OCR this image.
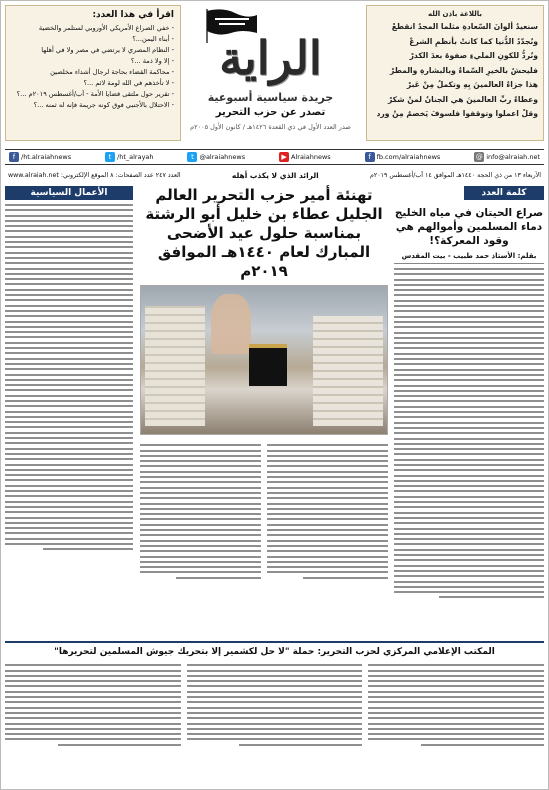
باللاغة باذن الله
سنعيدُ ألوانَ السّعادةِ مثلما المجدُ انقطعْ
ونُجدّدُ الدُّنيا كما كانتْ بأنظمِ الشرعْ
ونُردُّ للكونِ المليءِ صفوهُ بعدَ الكدرْ
فليحشُ بالخيرِ السّماءُ وبالبشارةِ والمطرْ
هذا جزاءُ العالمينَ بِهِ وتكملُ مِنْ عَبرْ
وعطاءُ ربِّ العالمينَ هي الجنانُ لمنْ شكرْ
وقلْ اعملوا وتوقفوا فلسوفَ يَخصمُ مِنْ ورد
الراية
جريدة سياسية أسبوعية
تصدر عن حزب التحرير
صدر العدد الأول في ذي القعدة ١٤٢٦هـ / كانون الأول ٢٠٠٥م
اقرأ في هذا العدد:
- خفي الصراع الأمريكي الأوروبي لستلمر والخضية
- أبناء اليمن...؟
- النظام المصري لا يرتضي في مصر ولا في أهلها
- إلا ولا ذمة ...؟
- محاكمة القضاء بحاجة لرجال أشداء مخلصين
- لا تأخذهم في الله لومة لائم ...؟
- تقرير حول ملتقى قضايا الأمة - آب/أغسطس ٢٠١٩م ...؟
- الاحتلال بالأجنبي فوق كونه جريمة فإنه له ثمنه ...؟
f /ht.alraiahnews	t /ht_alrayah	t @alraiahnews	▶ Alraiahnews	f fb.com/alraiahnews	@ info@alraiah.net
الأربعاء ١٣ من ذي الحجة ١٤٤٠هـ الموافق ١٤ آب/أغسطس ٢٠١٩م
الرائد الذي لا يكذب أهله
العدد ٢٤٧ عدد الصفحات: ٨ الموقع الإلكتروني: www.alraiah.net
كلمة العدد
صراع الحيتان في مياه الخليج دماء المسلمين وأموالهم هي وقود المعركة؟!
بقلم: الأستاذ حمد طبيب - بيت المقدس
تهنئة أمير حزب التحرير العالم الجليل عطاء بن خليل أبو الرشتة بمناسبة حلول عيد الأضحى المبارك لعام ١٤٤٠هـ الموافق ٢٠١٩م
الأعمال السياسية
المكتب الإعلامي المركزي لحزب التحرير: حملة "لا حل لكشمير إلا بتحريك جيوش المسلمين لتحريرها"
